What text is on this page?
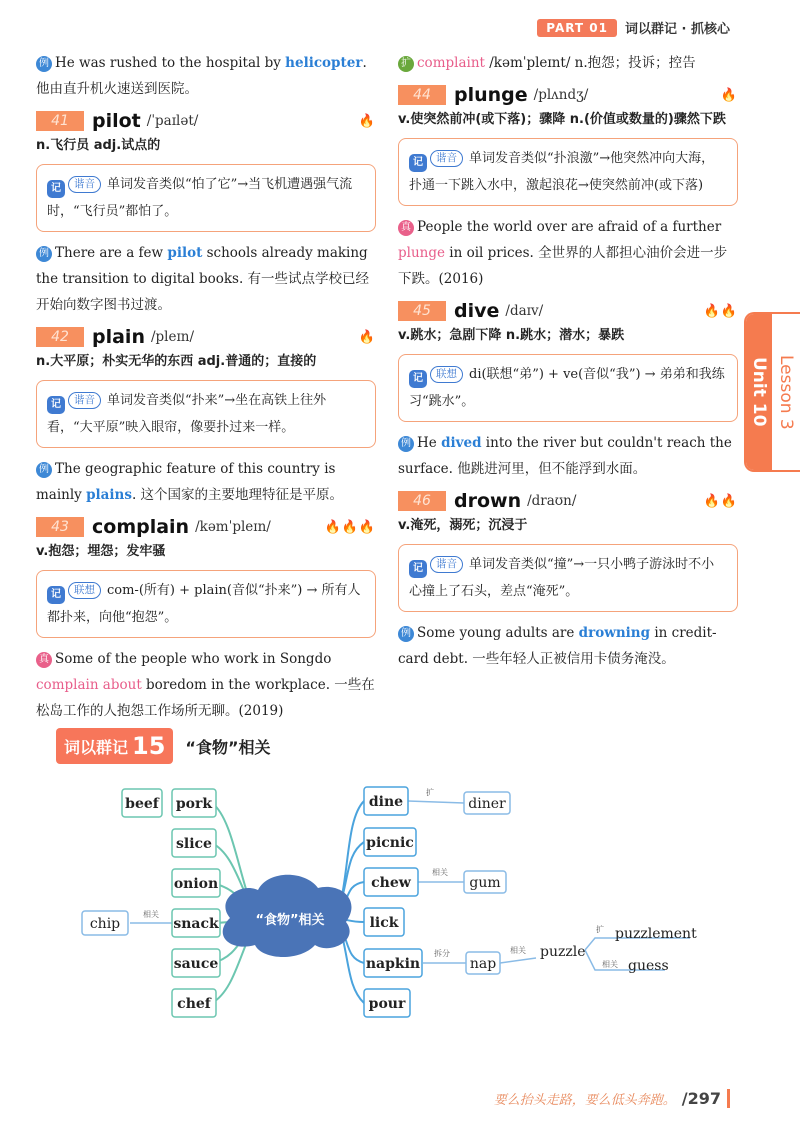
PART 01	词以群记 · 抓核心

例 He was rushed to the hospital by helicopter. 他由直升机火速送到医院。

41	pilot /ˈpaɪlət/	🔥
n.飞行员 adj.试点的
记 谐音 单词发音类似“怕了它”→当飞机遭遇强气流时，“飞行员”都怕了。

例 There are a few pilot schools already making the transition to digital books. 有一些试点学校已经开始向数字图书过渡。

42	plain /pleɪn/	🔥
n.大平原；朴实无华的东西 adj.普通的；直接的
记 谐音 单词发音类似“扑来”→坐在高铁上往外看，“大平原”映入眼帘，像要扑过来一样。

例 The geographic feature of this country is mainly plains. 这个国家的主要地理特征是平原。

43	complain /kəmˈpleɪn/	🔥🔥🔥
v.抱怨；埋怨；发牢骚
记 联想 com-(所有) + plain(音似“扑来”) → 所有人都扑来，向他“抱怨”。

真 Some of the people who work in Songdo complain about boredom in the workplace. 一些在松岛工作的人抱怨工作场所无聊。(2019)

扩 complaint /kəmˈpleɪnt/ n.抱怨；投诉；控告

44	plunge /plʌndʒ/	🔥
v.使突然前冲(或下落)；骤降 n.(价值或数量的)骤然下跌
记 谐音 单词发音类似“扑浪激”→他突然冲向大海，扑通一下跳入水中，激起浪花→使突然前冲(或下落)

真 People the world over are afraid of a further plunge in oil prices. 全世界的人都担心油价会进一步下跌。(2016)

45	dive /daɪv/	🔥🔥
v.跳水；急剧下降 n.跳水；潜水；暴跌
记 联想 di(联想“弟”) + ve(音似“我”) → 弟弟和我练习“跳水”。

例 He dived into the river but couldn't reach the surface. 他跳进河里，但不能浮到水面。

46	drown /draʊn/	🔥🔥
v.淹死，溺死；沉浸于
记 谐音 单词发音类似“撞”→一只小鸭子游泳时不小心撞上了石头，差点“淹死”。

例 Some young adults are drowning in credit-card debt. 一些年轻人正被信用卡债务淹没。

Unit 10 Lesson 3
词以群记 15 “食物”相关
“食物”相关
beef pork
slice
onion
snack
sauce
chef
chip
相关
dine
picnic
chew
lick
napkin
pour
diner
扩
gum
相关
nap
拆分	puzzle
相关
puzzlement
扩
guess
相关
要么抬头走路，要么低头奔跑。 /297
